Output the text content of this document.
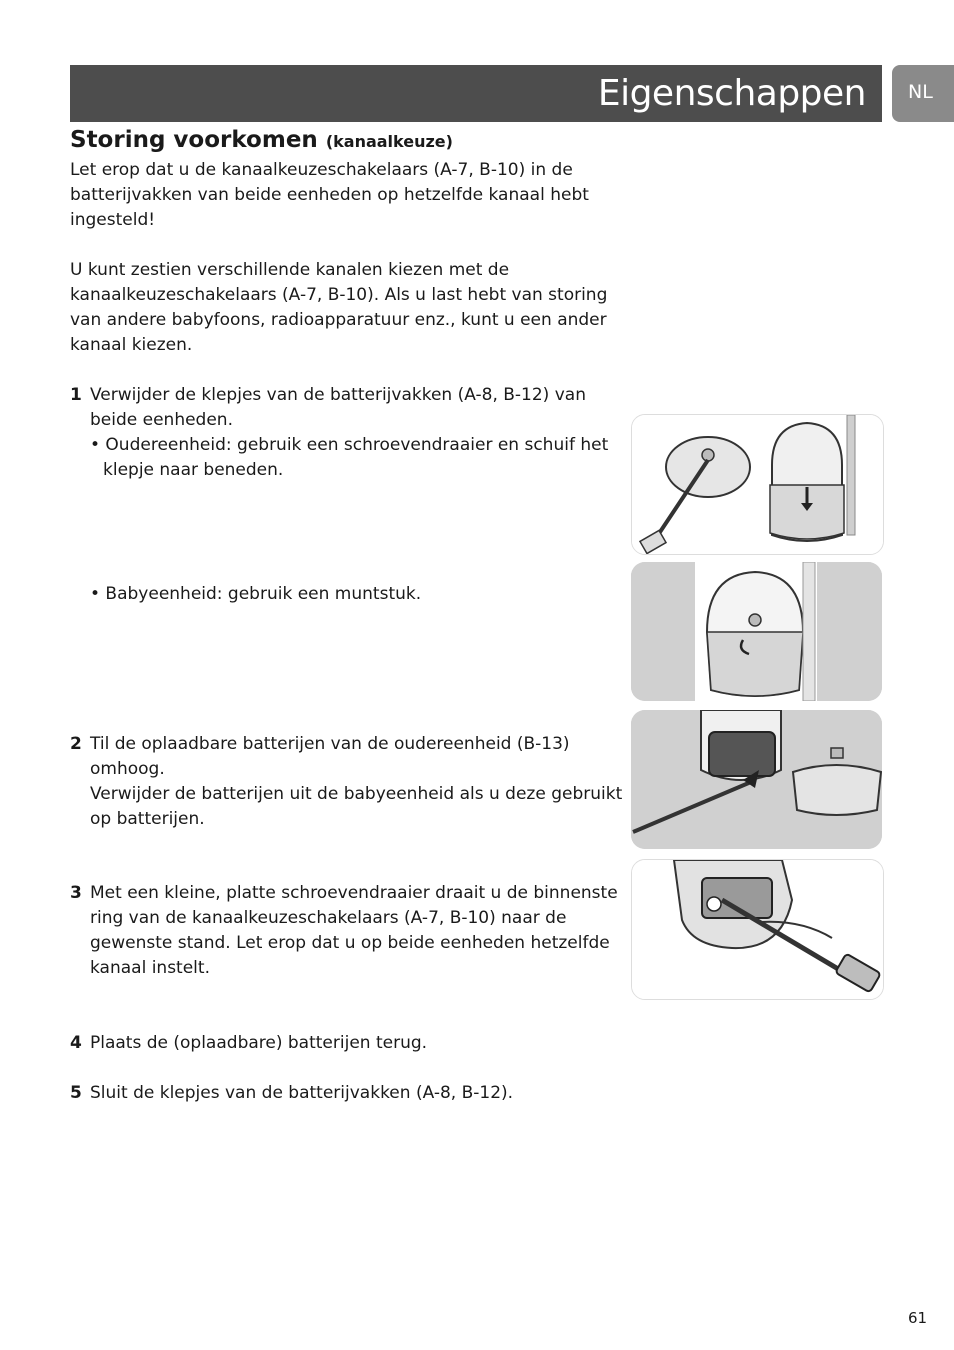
Eigenschappen NL
Storing voorkomen (kanaalkeuze)
Let erop dat u de kanaalkeuzeschakelaars (A-7, B-10) in de
batterijvakken van beide eenheden op hetzelfde kanaal hebt
ingesteld!
U kunt zestien verschillende kanalen kiezen met de
kanaalkeuzeschakelaars (A-7, B-10). Als u last hebt van storing
van andere babyfoons, radioapparatuur enz., kunt u een ander
kanaal kiezen.
1 Verwijder de klepjes van de batterijvakken (A-8, B-12) van
beide eenheden.
• Oudereenheid: gebruik een schroevendraaier en schuif het
klepje naar beneden.
• Babyeenheid: gebruik een muntstuk.
2 Til de oplaadbare batterijen van de oudereenheid (B-13)
omhoog.
Verwijder de batterijen uit de babyeenheid als u deze gebruikt
op batterijen.
3 Met een kleine, platte schroevendraaier draait u de binnenste
ring van de kanaalkeuzeschakelaars (A-7, B-10) naar de
gewenste stand. Let erop dat u op beide eenheden hetzelfde
kanaal instelt.
4 Plaats de (oplaadbare) batterijen terug.
5 Sluit de klepjes van de batterijvakken (A-8, B-12).
61
